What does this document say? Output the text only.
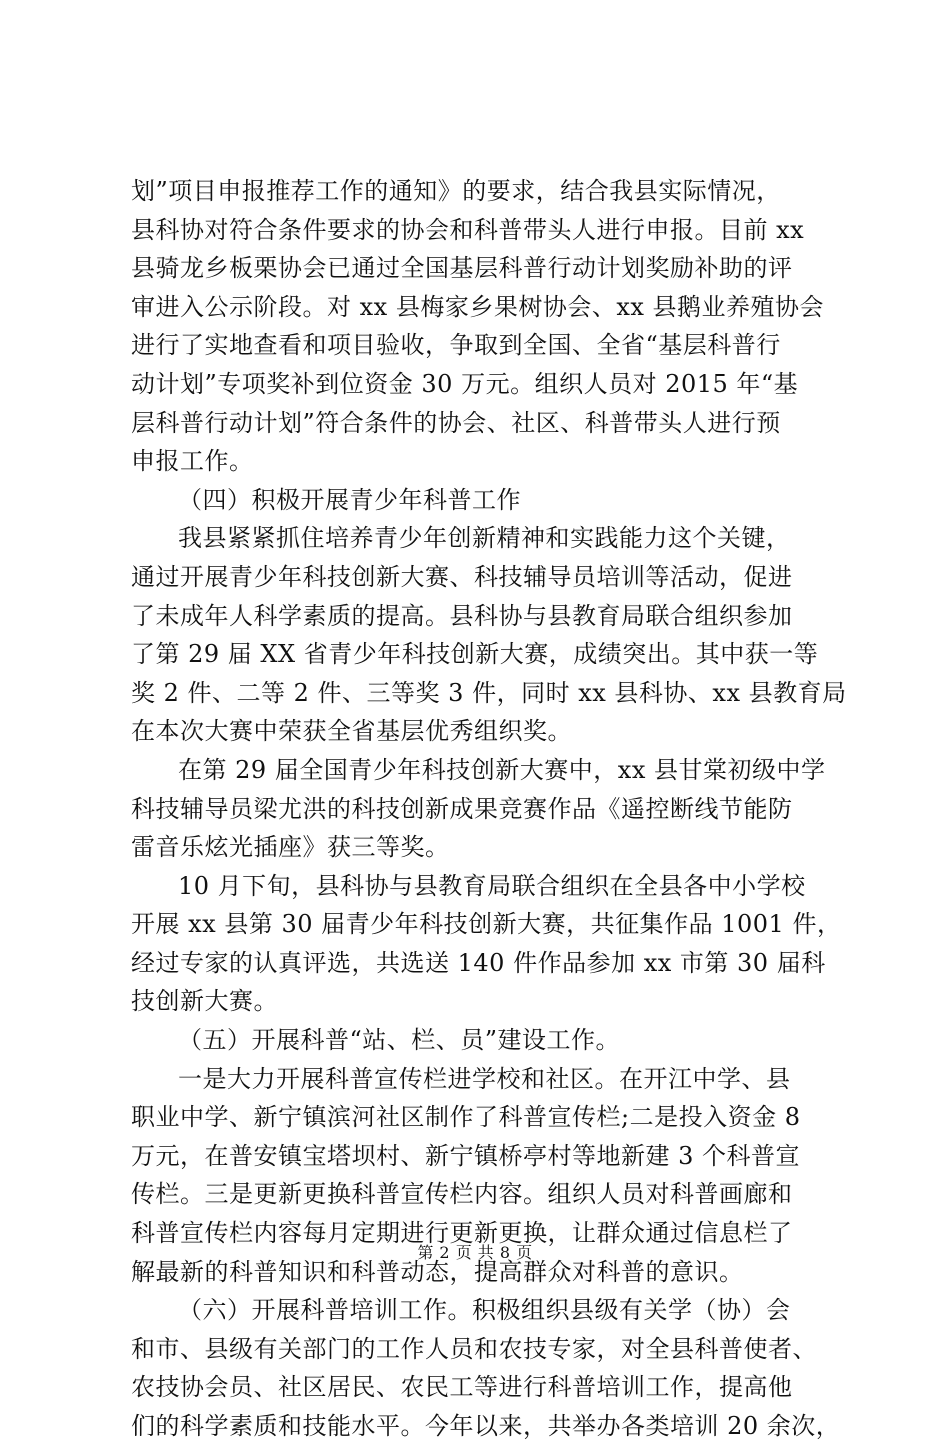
划”项目申报推荐工作的通知》的要求，结合我县实际情况，
县科协对符合条件要求的协会和科普带头人进行申报。目前 xx
县骑龙乡板栗协会已通过全国基层科普行动计划奖励补助的评
审进入公示阶段。对 xx 县梅家乡果树协会、xx 县鹅业养殖协会
进行了实地查看和项目验收，争取到全国、全省“基层科普行
动计划”专项奖补到位资金 30 万元。组织人员对 2015 年“基
层科普行动计划”符合条件的协会、社区、科普带头人进行预
申报工作。
（四）积极开展青少年科普工作
我县紧紧抓住培养青少年创新精神和实践能力这个关键，
通过开展青少年科技创新大赛、科技辅导员培训等活动，促进
了未成年人科学素质的提高。县科协与县教育局联合组织参加
了第 29 届 XX 省青少年科技创新大赛，成绩突出。其中获一等
奖 2 件、二等 2 件、三等奖 3 件，同时 xx 县科协、xx 县教育局
在本次大赛中荣获全省基层优秀组织奖。
在第 29 届全国青少年科技创新大赛中，xx 县甘棠初级中学
科技辅导员梁尤洪的科技创新成果竞赛作品《遥控断线节能防
雷音乐炫光插座》获三等奖。
10 月下旬，县科协与县教育局联合组织在全县各中小学校
开展 xx 县第 30 届青少年科技创新大赛，共征集作品 1001 件，
经过专家的认真评选，共选送 140 件作品参加 xx 市第 30 届科
技创新大赛。
（五）开展科普“站、栏、员”建设工作。
一是大力开展科普宣传栏进学校和社区。在开江中学、县
职业中学、新宁镇滨河社区制作了科普宣传栏;二是投入资金 8
万元，在普安镇宝塔坝村、新宁镇桥亭村等地新建 3 个科普宣
传栏。三是更新更换科普宣传栏内容。组织人员对科普画廊和
科普宣传栏内容每月定期进行更新更换，让群众通过信息栏了
解最新的科普知识和科普动态，提高群众对科普的意识。
（六）开展科普培训工作。积极组织县级有关学（协）会
和市、县级有关部门的工作人员和农技专家，对全县科普使者、
农技协会员、社区居民、农民工等进行科普培训工作，提高他
们的科学素质和技能水平。今年以来，共举办各类培训 20 余次，
第 2 页 共 8 页
